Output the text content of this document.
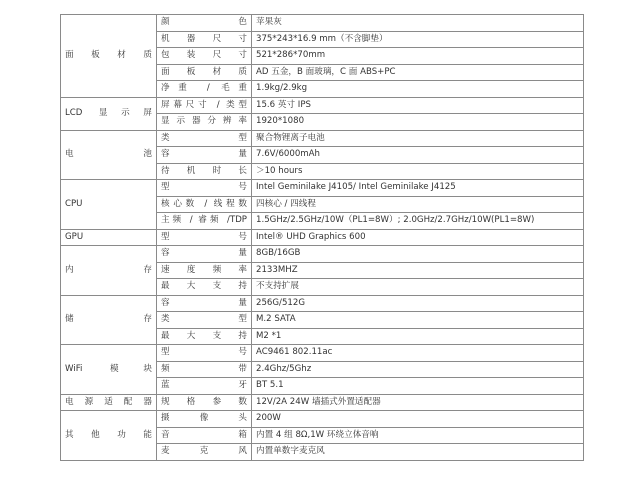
面板材质	颜色	苹果灰
	机器尺寸	375*243*16.9 mm（不含脚垫）
	包装尺寸	521*286*70mm
	面板材质	AD 五金，B 面玻璃，C 面 ABS+PC
	净重 / 毛重	1.9kg/2.9kg
LCD 显示屏	屏幕尺寸 / 类型	15.6 英寸 IPS
	显示器分辨率	1920*1080
电池	类型	聚合物锂离子电池
	容量	7.6V/6000mAh
	待机时长	＞10 hours
CPU	型号	Intel Geminilake J4105/ Intel Geminilake J4125
	核心数 / 线程数	四核心 / 四线程
	主频 / 睿频 /TDP	1.5GHz/2.5GHz/10W（PL1=8W）; 2.0GHz/2.7GHz/10W(PL1=8W)
GPU	型号	Intel® UHD Graphics 600
内存	容量	8GB/16GB
	速度频率	2133MHZ
	最大支持	不支持扩展
储存	容量	256G/512G
	类型	M.2 SATA
	最大支持	M2 *1
WiFi 模块	型号	AC9461 802.11ac
	频带	2.4Ghz/5Ghz
	蓝牙	BT 5.1
电源适配器	规格参数	12V/2A 24W 墙插式外置适配器
其他功能	摄像头	200W
	音箱	内置 4 组 8Ω,1W 环绕立体音响
	麦克风	内置单数字麦克风
